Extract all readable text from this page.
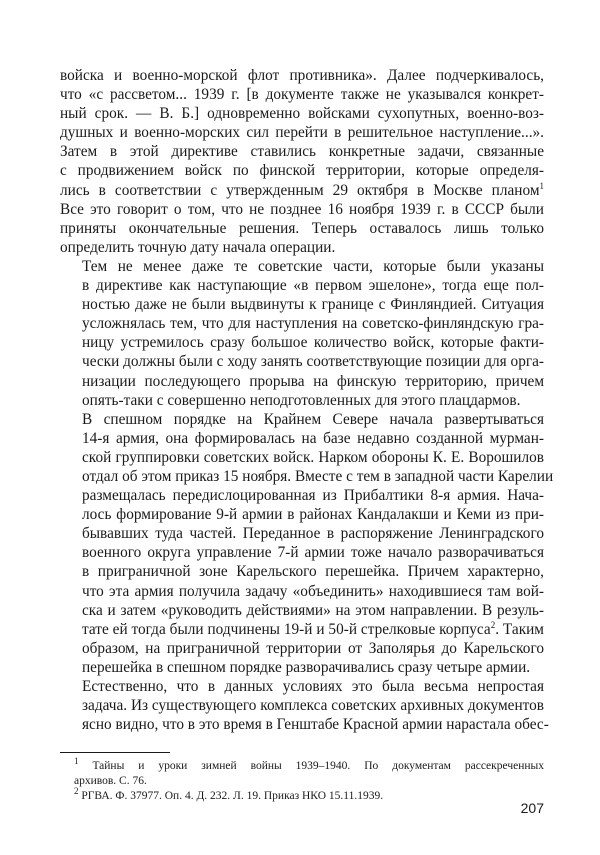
войска и военно-морской флот противника». Далее подчеркивалось,
что «с рассветом... 1939 г. [в документе также не указывался конкрет-
ный срок. — В. Б.] одновременно войсками сухопутных, военно-воз-
душных и военно-морских сил перейти в решительное наступление...».
Затем в этой директиве ставились конкретные задачи, связанные
с продвижением войск по финской территории, которые определя-
лись в соответствии с утвержденным 29 октября в Москве планом$^1$
Все это говорит о том, что не позднее 16 ноября 1939 г. в СССР были
приняты окончательные решения. Теперь оставалось лишь только
определить точную дату начала операции.
Тем не менее даже те советские части, которые были указаны
в директиве как наступающие «в первом эшелоне», тогда еще пол-
ностью даже не были выдвинуты к границе с Финляндией. Ситуация
усложнялась тем, что для наступления на советско-финляндскую гра-
ницу устремилось сразу большое количество войск, которые факти-
чески должны были с ходу занять соответствующие позиции для орга-
низации последующего прорыва на финскую территорию, причем
опять-таки с совершенно неподготовленных для этого плацдармов.
В спешном порядке на Крайнем Севере начала развертываться
14-я армия, она формировалась на базе недавно созданной мурман-
ской группировки советских войск. Нарком обороны К. Е. Ворошилов
отдал об этом приказ 15 ноября. Вместе с тем в западной части Карелии
размещалась передислоцированная из Прибалтики 8-я армия. Нача-
лось формирование 9-й армии в районах Кандалакши и Кеми из при-
бывавших туда частей. Переданное в распоряжение Ленинградского
военного округа управление 7-й армии тоже начало разворачиваться
в приграничной зоне Карельского перешейка. Причем характерно,
что эта армия получила задачу «объединить» находившиеся там вой-
ска и затем «руководить действиями» на этом направлении. В резуль-
тате ей тогда были подчинены 19-й и 50-й стрелковые корпуса$^2$. Таким
образом, на приграничной территории от Заполярья до Карельского
перешейка в спешном порядке разворачивались сразу четыре армии.
Естественно, что в данных условиях это была весьма непростая
задача. Из существующего комплекса советских архивных документов
ясно видно, что в это время в Генштабе Красной армии нарастала обес-
$^1$ Тайны и уроки зимней войны 1939–1940. По документам рассекреченных
архивов. С. 76.
$^2$ РГВА. Ф. 37977. Оп. 4. Д. 232. Л. 19. Приказ НКО 15.11.1939.
207
